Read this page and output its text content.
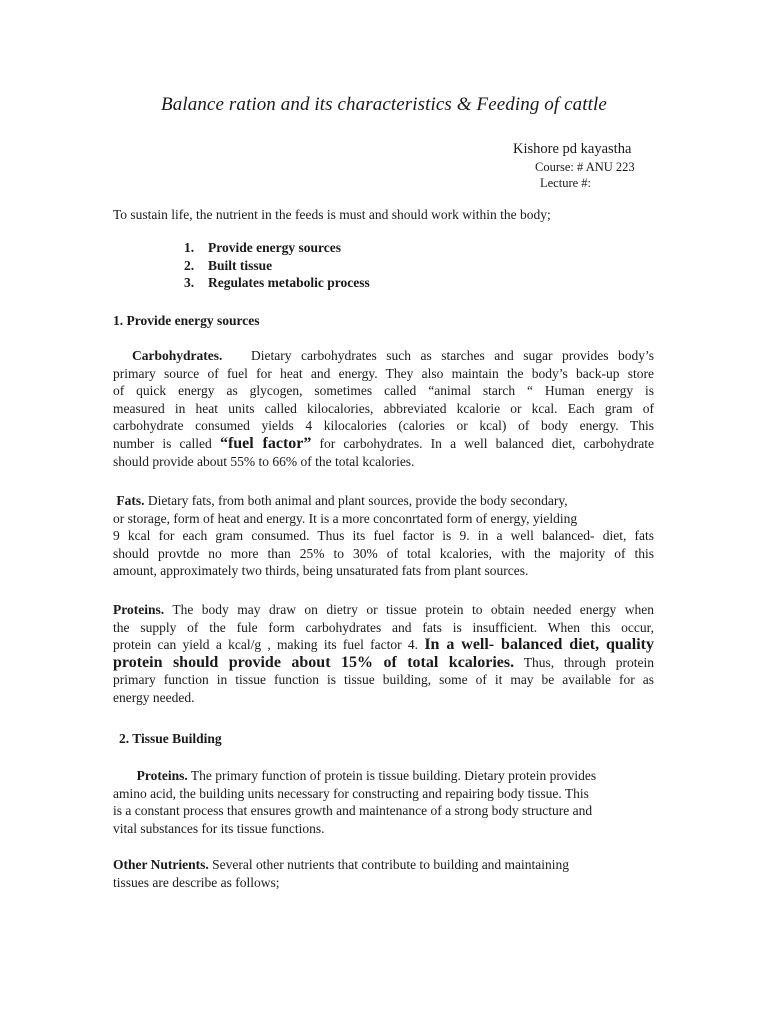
Balance ration and its characteristics & Feeding of cattle
Kishore pd kayastha
Course: # ANU 223
Lecture #:

To sustain life, the nutrient in the feeds is must and should work within the body;

1. Provide energy sources
2. Built tissue
3. Regulates metabolic process
1. Provide energy sources
Carbohydrates. Dietary carbohydrates such as starches and sugar provides body’s
primary source of fuel for heat and energy. They also maintain the body’s back-up store
of quick energy as glycogen, sometimes called “animal starch “ Human energy is
measured in heat units called kilocalories, abbreviated kcalorie or kcal. Each gram of
carbohydrate consumed yields 4 kilocalories (calories or kcal) of body energy. This
number is called “fuel factor” for carbohydrates. In a well balanced diet, carbohydrate
should provide about 55% to 66% of the total kcalories.
Fats. Dietary fats, from both animal and plant sources, provide the body secondary,
or storage, form of heat and energy. It is a more conconrtated form of energy, yielding
9 kcal for each gram consumed. Thus its fuel factor is 9. in a well balanced- diet, fats
should provtde no more than 25% to 30% of total kcalories, with the majority of this
amount, approximately two thirds, being unsaturated fats from plant sources.
Proteins. The body may draw on dietry or tissue protein to obtain needed energy when
the supply of the fule form carbohydrates and fats is insufficient. When this occur,
protein can yield a kcal/g , making its fuel factor 4. In a well- balanced diet, quality
protein should provide about 15% of total kcalories. Thus, through protein
primary function in tissue function is tissue building, some of it may be available for as
energy needed.
2. Tissue Building
Proteins. The primary function of protein is tissue building. Dietary protein provides
amino acid, the building units necessary for constructing and repairing body tissue. This
is a constant process that ensures growth and maintenance of a strong body structure and
vital substances for its tissue functions.
Other Nutrients. Several other nutrients that contribute to building and maintaining
tissues are describe as follows;
